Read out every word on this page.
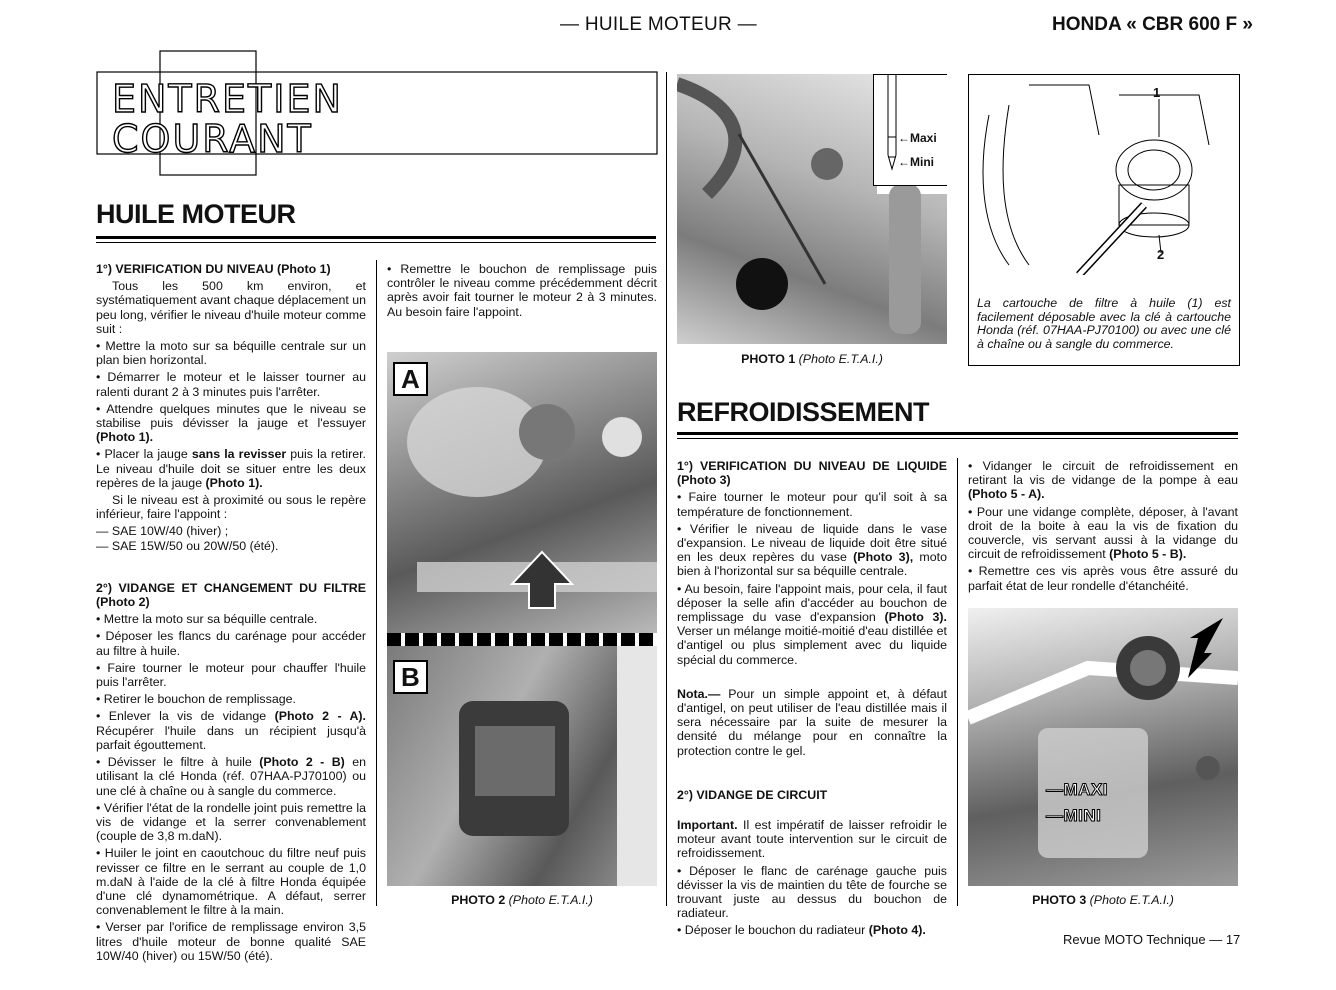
— HUILE MOTEUR —	HONDA « CBR 600 F »
ENTRETIEN
COURANT
HUILE MOTEUR

1°) VERIFICATION DU NIVEAU (Photo 1)

Tous les 500 km environ, et systématiquement avant chaque déplacement un peu long, vérifier le niveau d'huile moteur comme suit :

• Mettre la moto sur sa béquille centrale sur un plan bien horizontal.

• Démarrer le moteur et le laisser tourner au ralenti durant 2 à 3 minutes puis l'arrêter.

• Attendre quelques minutes que le niveau se stabilise puis dévisser la jauge et l'essuyer (Photo 1).

• Placer la jauge sans la revisser puis la retirer. Le niveau d'huile doit se situer entre les deux repères de la jauge (Photo 1).

Si le niveau est à proximité ou sous le repère inférieur, faire l'appoint :

— SAE 10W/40 (hiver) ;

— SAE 15W/50 ou 20W/50 (été).

2°) VIDANGE ET CHANGEMENT DU FILTRE (Photo 2)

• Mettre la moto sur sa béquille centrale.

• Déposer les flancs du carénage pour accéder au filtre à huile.

• Faire tourner le moteur pour chauffer l'huile puis l'arrêter.

• Retirer le bouchon de remplissage.

• Enlever la vis de vidange (Photo 2 - A). Récupérer l'huile dans un récipient jusqu'à parfait égouttement.

• Dévisser le filtre à huile (Photo 2 - B) en utilisant la clé Honda (réf. 07HAA-PJ70100) ou une clé à chaîne ou à sangle du commerce.

• Vérifier l'état de la rondelle joint puis remettre la vis de vidange et la serrer convenablement (couple de 3,8 m.daN).

• Huiler le joint en caoutchouc du filtre neuf puis revisser ce filtre en le serrant au couple de 1,0 m.daN à l'aide de la clé à filtre Honda équipée d'une clé dynamométrique. A défaut, serrer convenablement le filtre à la main.

• Verser par l'orifice de remplissage environ 3,5 litres d'huile moteur de bonne qualité SAE 10W/40 (hiver) ou 15W/50 (été).

• Remettre le bouchon de remplissage puis contrôler le niveau comme précédemment décrit après avoir fait tourner le moteur 2 à 3 minutes. Au besoin faire l'appoint.

A
B
PHOTO 2 (Photo E.T.A.I.)
←Maxi
←Mini
PHOTO 1 (Photo E.T.A.I.)
1
2
La cartouche de filtre à huile (1) est facilement déposable avec la clé à cartouche Honda (réf. 07HAA-PJ70100) ou avec une clé à chaîne ou à sangle du commerce.
REFROIDISSEMENT

1°) VERIFICATION DU NIVEAU DE LIQUIDE (Photo 3)

• Faire tourner le moteur pour qu'il soit à sa température de fonctionnement.

• Vérifier le niveau de liquide dans le vase d'expansion. Le niveau de liquide doit être situé en les deux repères du vase (Photo 3), moto bien à l'horizontal sur sa béquille centrale.

• Au besoin, faire l'appoint mais, pour cela, il faut déposer la selle afin d'accéder au bouchon de remplissage du vase d'expansion (Photo 3). Verser un mélange moitié-moitié d'eau distillée et d'antigel ou plus simplement avec du liquide spécial du commerce.

Nota.— Pour un simple appoint et, à défaut d'antigel, on peut utiliser de l'eau distillée mais il sera nécessaire par la suite de mesurer la densité du mélange pour en connaître la protection contre le gel.

2°) VIDANGE DE CIRCUIT

Important. Il est impératif de laisser refroidir le moteur avant toute intervention sur le circuit de refroidissement.

• Déposer le flanc de carénage gauche puis dévisser la vis de maintien du tête de fourche se trouvant juste au dessus du bouchon de radiateur.

• Déposer le bouchon du radiateur (Photo 4).

• Vidanger le circuit de refroidissement en retirant la vis de vidange de la pompe à eau (Photo 5 - A).

• Pour une vidange complète, déposer, à l'avant droit de la boite à eau la vis de fixation du couvercle, vis servant aussi à la vidange du circuit de refroidissement (Photo 5 - B).

• Remettre ces vis après vous être assuré du parfait état de leur rondelle d'étanchéité.

—MAXI
—MINI
PHOTO 3 (Photo E.T.A.I.)
Revue MOTO Technique — 17
